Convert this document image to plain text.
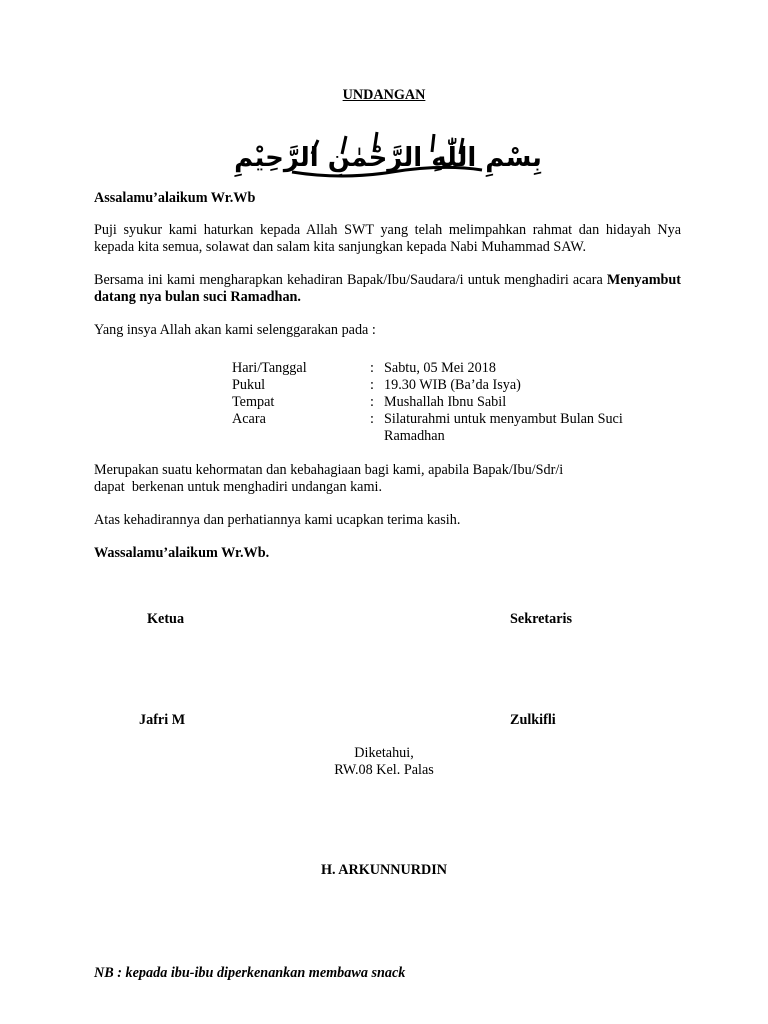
UNDANGAN
بِسْمِ اللّٰهِ الرَّحْمٰنِ الرَّحِيْمِ
Assalamu’alaikum Wr.Wb
Puji syukur kami haturkan kepada Allah SWT yang telah melimpahkan rahmat dan hidayah Nya kepada kita semua, solawat dan salam kita sanjungkan kepada Nabi Muhammad SAW.
Bersama ini kami mengharapkan kehadiran Bapak/Ibu/Saudara/i untuk menghadiri acara Menyambut datang nya bulan suci Ramadhan.
Yang insya Allah akan kami selenggarakan pada :
Hari/Tanggal	: Sabtu, 05 Mei 2018
Pukul	: 19.30 WIB (Ba’da Isya)
Tempat	: Mushallah Ibnu Sabil
Acara	: Silaturahmi untuk menyambut Bulan Suci Ramadhan
Merupakan suatu kehormatan dan kebahagiaan bagi kami, apabila Bapak/Ibu/Sdr/i
dapat  berkenan untuk menghadiri undangan kami.
Atas kehadirannya dan perhatiannya kami ucapkan terima kasih.
Wassalamu’alaikum Wr.Wb.
Ketua	Sekretaris
Jafri M	Zulkifli
Diketahui,
RW.08 Kel. Palas
H. ARKUNNURDIN
NB : kepada ibu-ibu diperkenankan membawa snack
